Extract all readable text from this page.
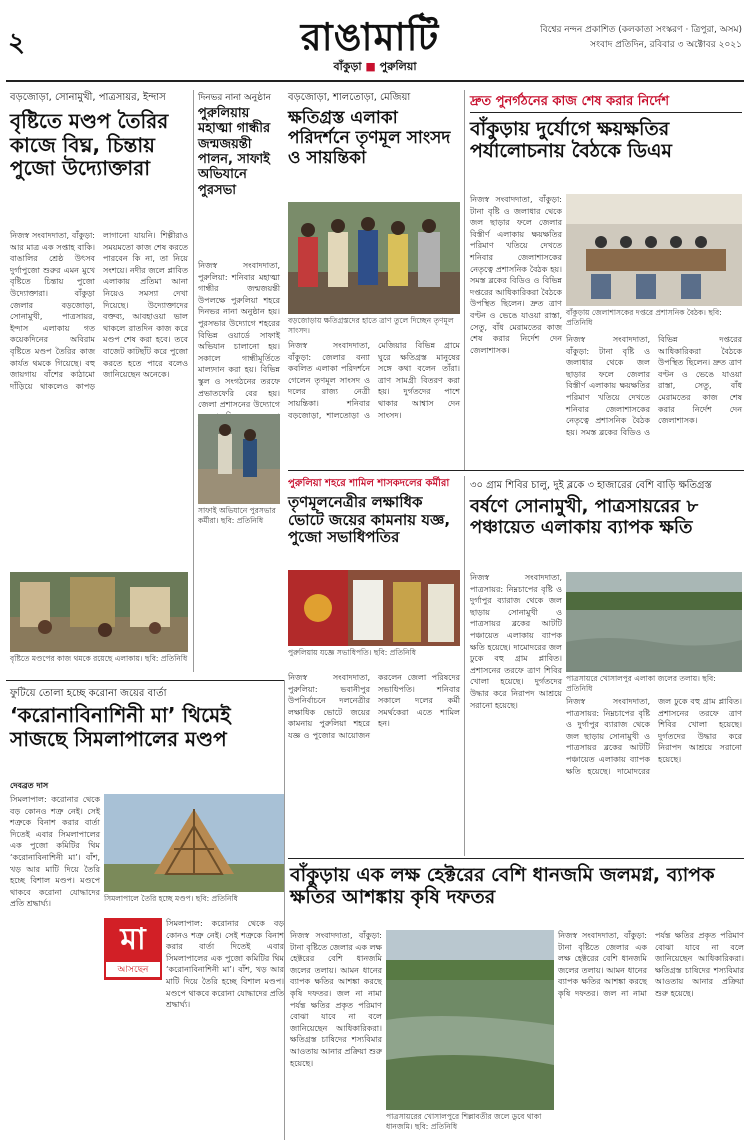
২	রাঙামাটি
বাঁকুড়া ■ পুরুলিয়া
বিশ্বের নন্দন প্রকাশিত (কলকাতা সংস্করণ · ত্রিপুরা, অসম) সংবাদ প্রতিদিন, রবিবার ৩ অক্টোবর ২০২১
বড়জোড়া, সোনামুখী, পাত্রসায়র, ইন্দাস
বৃষ্টিতে মণ্ডপ তৈরির কাজে বিঘ্ন, চিন্তায় পুজো উদ্যোক্তারা
নিজস্ব সংবাদদাতা, বাঁকুড়া: আর মাত্র এক সপ্তাহ বাকি। বাঙালির শ্রেষ্ঠ উৎসব দুর্গাপুজো শুরুর এমন মুখে বৃষ্টিতে চিন্তায় পুজো উদ্যোক্তারা। বাঁকুড়া জেলার বড়জোড়া, সোনামুখী, পাত্রসায়র, ইন্দাস এলাকায় গত কয়েকদিনের অবিরাম বৃষ্টিতে মণ্ডপ তৈরির কাজ কার্যত থমকে গিয়েছে। বহু জায়গায় বাঁশের কাঠামো দাঁড়িয়ে থাকলেও কাপড় লাগানো যায়নি। শিল্পীরাও সময়মতো কাজ শেষ করতে পারবেন কি না, তা নিয়ে সংশয়ে। নদীর জলে প্লাবিত এলাকায় প্রতিমা আনা নিয়েও সমস্যা দেখা দিয়েছে। উদ্যোক্তাদের বক্তব্য, আবহাওয়া ভাল থাকলে রাতদিন কাজ করে মণ্ডপ শেষ করা হবে। তবে বাজেট কাটছাঁট করে পুজো করতে হতে পারে বলেও জানিয়েছেন অনেকে।
বৃষ্টিতে মণ্ডপের কাজ থমকে রয়েছে এলাকায়। ছবি: প্রতিনিধি
দিনভর নানা অনুষ্ঠান
পুরুলিয়ায় মহাত্মা গান্ধীর জন্মজয়ন্তী পালন, সাফাই অভিযানে পুরসভা
নিজস্ব সংবাদদাতা, পুরুলিয়া: শনিবার মহাত্মা গান্ধীর জন্মজয়ন্তী উপলক্ষে পুরুলিয়া শহরে দিনভর নানা অনুষ্ঠান হয়। পুরসভার উদ্যোগে শহরের বিভিন্ন ওয়ার্ডে সাফাই অভিযান চালানো হয়। সকালে গান্ধীমূর্তিতে মাল্যদান করা হয়। বিভিন্ন স্কুল ও সংগঠনের তরফে প্রভাতফেরি বের হয়। জেলা প্রশাসনের উদ্যোগে
সাফাই অভিযানে পুরসভার কর্মীরা। ছবি: প্রতিনিধি
বড়জোড়া, শালতোড়া, মেজিয়া
ক্ষতিগ্রস্ত এলাকা পরিদর্শনে তৃণমূল সাংসদ ও সায়ন্তিকা
বড়জোড়ায় ক্ষতিগ্রস্তদের হাতে ত্রাণ তুলে দিচ্ছেন তৃণমূল সাংসদ।
নিজস্ব সংবাদদাতা, বাঁকুড়া: জেলার বন্যা কবলিত এলাকা পরিদর্শনে গেলেন তৃণমূল সাংসদ ও দলের রাজ্য নেত্রী সায়ন্তিকা। শনিবার বড়জোড়া, শালতোড়া ও মেজিয়ার বিভিন্ন গ্রামে ঘুরে ক্ষতিগ্রস্ত মানুষের সঙ্গে কথা বলেন তাঁরা। ত্রাণ সামগ্রী বিতরণ করা হয়। দুর্গতদের পাশে থাকার আশ্বাস দেন সাংসদ।
দ্রুত পুনর্গঠনের কাজ শেষ করার নির্দেশ
বাঁকুড়ায় দুর্যোগে ক্ষয়ক্ষতির পর্যালোচনায় বৈঠকে ডিএম
নিজস্ব সংবাদদাতা, বাঁকুড়া: টানা বৃষ্টি ও জলাধার থেকে জল ছাড়ার ফলে জেলার বিস্তীর্ণ এলাকায় ক্ষয়ক্ষতির পরিমাণ খতিয়ে দেখতে শনিবার জেলাশাসকের নেতৃত্বে প্রশাসনিক বৈঠক হয়। সমস্ত ব্লকের বিডিও ও বিভিন্ন দপ্তরের আধিকারিকরা বৈঠকে উপস্থিত ছিলেন। দ্রুত ত্রাণ বণ্টন ও ভেঙে যাওয়া রাস্তা, সেতু, বাঁধ মেরামতের কাজ শেষ করার নির্দেশ দেন জেলাশাসক।
বাঁকুড়ায় জেলাশাসকের দপ্তরে প্রশাসনিক বৈঠক। ছবি: প্রতিনিধি
নিজস্ব সংবাদদাতা, বাঁকুড়া: টানা বৃষ্টি ও জলাধার থেকে জল ছাড়ার ফলে জেলার বিস্তীর্ণ এলাকায় ক্ষয়ক্ষতির পরিমাণ খতিয়ে দেখতে শনিবার জেলাশাসকের নেতৃত্বে প্রশাসনিক বৈঠক হয়। সমস্ত ব্লকের বিডিও ও বিভিন্ন দপ্তরের আধিকারিকরা বৈঠকে উপস্থিত ছিলেন। দ্রুত ত্রাণ বণ্টন ও ভেঙে যাওয়া রাস্তা, সেতু, বাঁধ মেরামতের কাজ শেষ করার নির্দেশ দেন জেলাশাসক।
পুরুলিয়া শহরে শামিল শাসকদলের কর্মীরা
তৃণমূলনেত্রীর লক্ষাধিক ভোটে জয়ের কামনায় যজ্ঞ, পুজো সভাধিপতির
পুরুলিয়ায় যজ্ঞে সভাধিপতি। ছবি: প্রতিনিধি
নিজস্ব সংবাদদাতা, পুরুলিয়া: ভবানীপুর উপনির্বাচনে দলনেত্রীর লক্ষাধিক ভোটে জয়ের কামনায় পুরুলিয়া শহরে যজ্ঞ ও পুজোর আয়োজন করলেন জেলা পরিষদের সভাধিপতি। শনিবার সকালে দলের কর্মী সমর্থকেরা এতে শামিল হন।
৩০ গ্রাম শিবির চালু, দুই ব্লকে ৩ হাজারের বেশি বাড়ি ক্ষতিগ্রস্ত
বর্ষণে সোনামুখী, পাত্রসায়রের ৮ পঞ্চায়েত এলাকায় ব্যাপক ক্ষতি
নিজস্ব সংবাদদাতা, পাত্রসায়র: নিম্নচাপের বৃষ্টি ও দুর্গাপুর ব্যারাজ থেকে জল ছাড়ায় সোনামুখী ও পাত্রসায়র ব্লকের আটটি পঞ্চায়েত এলাকায় ব্যাপক ক্ষতি হয়েছে। দামোদরের জল ঢুকে বহু গ্রাম প্লাবিত। প্রশাসনের তরফে ত্রাণ শিবির খোলা হয়েছে। দুর্গতদের উদ্ধার করে নিরাপদ আশ্রয়ে সরানো হয়েছে।
পাত্রসায়রে খোসালপুর এলাকা জলের তলায়। ছবি: প্রতিনিধি
নিজস্ব সংবাদদাতা, পাত্রসায়র: নিম্নচাপের বৃষ্টি ও দুর্গাপুর ব্যারাজ থেকে জল ছাড়ায় সোনামুখী ও পাত্রসায়র ব্লকের আটটি পঞ্চায়েত এলাকায় ব্যাপক ক্ষতি হয়েছে। দামোদরের জল ঢুকে বহু গ্রাম প্লাবিত। প্রশাসনের তরফে ত্রাণ শিবির খোলা হয়েছে। দুর্গতদের উদ্ধার করে নিরাপদ আশ্রয়ে সরানো হয়েছে।
ফুটিয়ে তোলা হচ্ছে করোনা জয়ের বার্তা
‘করোনাবিনাশিনী মা’ থিমেই সাজছে সিমলাপালের মণ্ডপ
দেবব্রত দাস
সিমলাপাল: করোনার থেকে বড় কোনও শত্রু নেই। সেই শত্রুকে বিনাশ করার বার্তা দিতেই এবার সিমলাপালের এক পুজো কমিটির থিম ‘করোনাবিনাশিনী মা’। বাঁশ, খড় আর মাটি দিয়ে তৈরি হচ্ছে বিশাল মণ্ডপ। মণ্ডপে থাকবে করোনা যোদ্ধাদের প্রতি শ্রদ্ধার্ঘ্য।
সিমলাপালে তৈরি হচ্ছে মণ্ডপ। ছবি: প্রতিনিধি
মা
আসছেন
সিমলাপাল: করোনার থেকে বড় কোনও শত্রু নেই। সেই শত্রুকে বিনাশ করার বার্তা দিতেই এবার সিমলাপালের এক পুজো কমিটির থিম ‘করোনাবিনাশিনী মা’। বাঁশ, খড় আর মাটি দিয়ে তৈরি হচ্ছে বিশাল মণ্ডপ। মণ্ডপে থাকবে করোনা যোদ্ধাদের প্রতি শ্রদ্ধার্ঘ্য।
বাঁকুড়ায় এক লক্ষ হেক্টরের বেশি ধানজমি জলমগ্ন, ব্যাপক ক্ষতির আশঙ্কায় কৃষি দফতর
নিজস্ব সংবাদদাতা, বাঁকুড়া: টানা বৃষ্টিতে জেলার এক লক্ষ হেক্টরের বেশি ধানজমি জলের তলায়। আমন ধানের ব্যাপক ক্ষতির আশঙ্কা করছে কৃষি দফতর। জল না নামা পর্যন্ত ক্ষতির প্রকৃত পরিমাণ বোঝা যাবে না বলে জানিয়েছেন আধিকারিকরা। ক্ষতিগ্রস্ত চাষিদের শস্যবিমার আওতায় আনার প্রক্রিয়া শুরু হয়েছে।
পাত্রসায়রের খোসালপুরে শিল্লাবতীর জলে ডুবে থাকা ধানজমি। ছবি: প্রতিনিধি
নিজস্ব সংবাদদাতা, বাঁকুড়া: টানা বৃষ্টিতে জেলার এক লক্ষ হেক্টরের বেশি ধানজমি জলের তলায়। আমন ধানের ব্যাপক ক্ষতির আশঙ্কা করছে কৃষি দফতর। জল না নামা পর্যন্ত ক্ষতির প্রকৃত পরিমাণ বোঝা যাবে না বলে জানিয়েছেন আধিকারিকরা। ক্ষতিগ্রস্ত চাষিদের শস্যবিমার আওতায় আনার প্রক্রিয়া শুরু হয়েছে।
